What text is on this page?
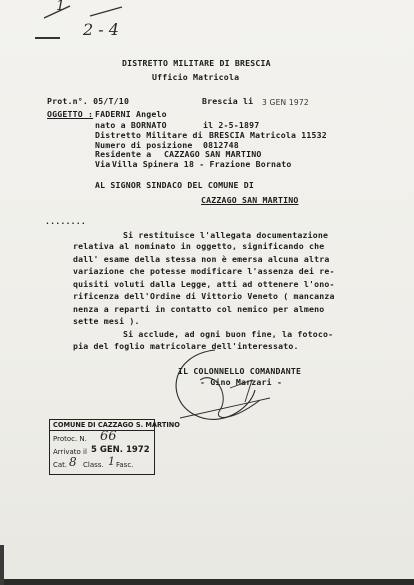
1
2 - 4
DISTRETTO MILITARE DI BRESCIA
Ufficio Matricola
Prot.n°. 05/T/10	Brescia li 3 GEN 1972
OGGETTO : FADERNI Angelo
nato a BORNATO	il 2-5-1897
Distretto Militare di BRESCIA Matricola 11532
Numero di posizione 0812748
Residente a CAZZAGO SAN MARTINO
Via Villa Spinera 18 - Frazione Bornato
AL SIGNOR SINDACO DEL COMUNE DI
CAZZAGO SAN MARTINO
........
Si restituisce l'allegata documentazione
relativa al nominato in oggetto, significando che
dall' esame della stessa non è emersa alcuna altra
variazione che potesse modificare l'assenza dei re-
quisiti voluti dalla Legge, atti ad ottenere l'ono-
rificenza dell'Ordine di Vittorio Veneto ( mancanza
nenza a reparti in contatto col nemico per almeno
sette mesi ).
Si acclude, ad ogni buon fine, la fotoco-
pia del foglio matricolare dell'interessato.
IL COLONNELLO COMANDANTE
- Gino Marzari -
COMUNE DI CAZZAGO S. MARTINO
Protoc. N. 66
Arrivato il 5 GEN. 1972
Cat. 8 Class. 1 Fasc.
